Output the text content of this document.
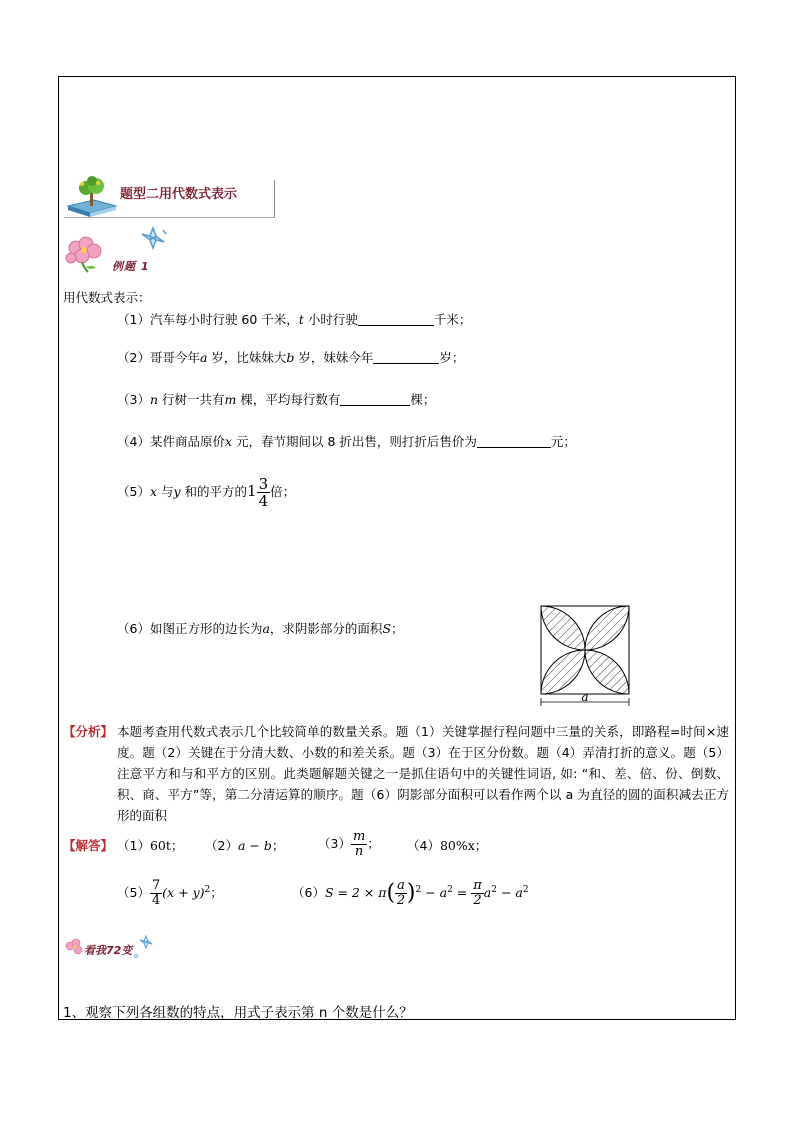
题型二用代数式表示
例题 1
用代数式表示：
（1）汽车每小时行驶 60 千米，t 小时行驶	千米；
（2）哥哥今年a 岁，比妹妹大b 岁，妹妹今年	岁；
（3）n 行树一共有m 棵，平均每行数有	棵；
（4）某件商品原价x 元，春节期间以 8 折出售，则打折后售价为	元；
（5）x 与y 和的平方的$1 \frac{3}{4}$ 倍；
（6）如图正方形的边长为a，求阴影部分的面积S；
a
【分析】 本题考查用代数式表示几个比较简单的数量关系。题（1）关键掌握行程问题中三量的关系，即路程=时间×速度。题（2）关键在于分清大数、小数的和差关系。题（3）在于区分份数。题（4）弄清打折的意义。题（5）注意平方和与和平方的区别。此类题解题关键之一是抓住语句中的关键性词语, 如: “和、差、倍、份、倒数、积、商、平方”等，第二分清运算的顺序。题（6）阴影部分面积可以看作两个以 a 为直径的圆的面积减去正方形的面积
【解答】 （1）60t； （2）a − b；	$(3) \frac{m}{n}$ ； （4）80%x；
$(5) \frac{7}{4} (x + y)^2$；	$(6)S = 2 \times \pi( \frac{a}{2} )^2 - a^2 = \frac{\pi}{2} a^2 - a^2$
看我72变
1、观察下列各组数的特点，用式子表示第 n 个数是什么？
